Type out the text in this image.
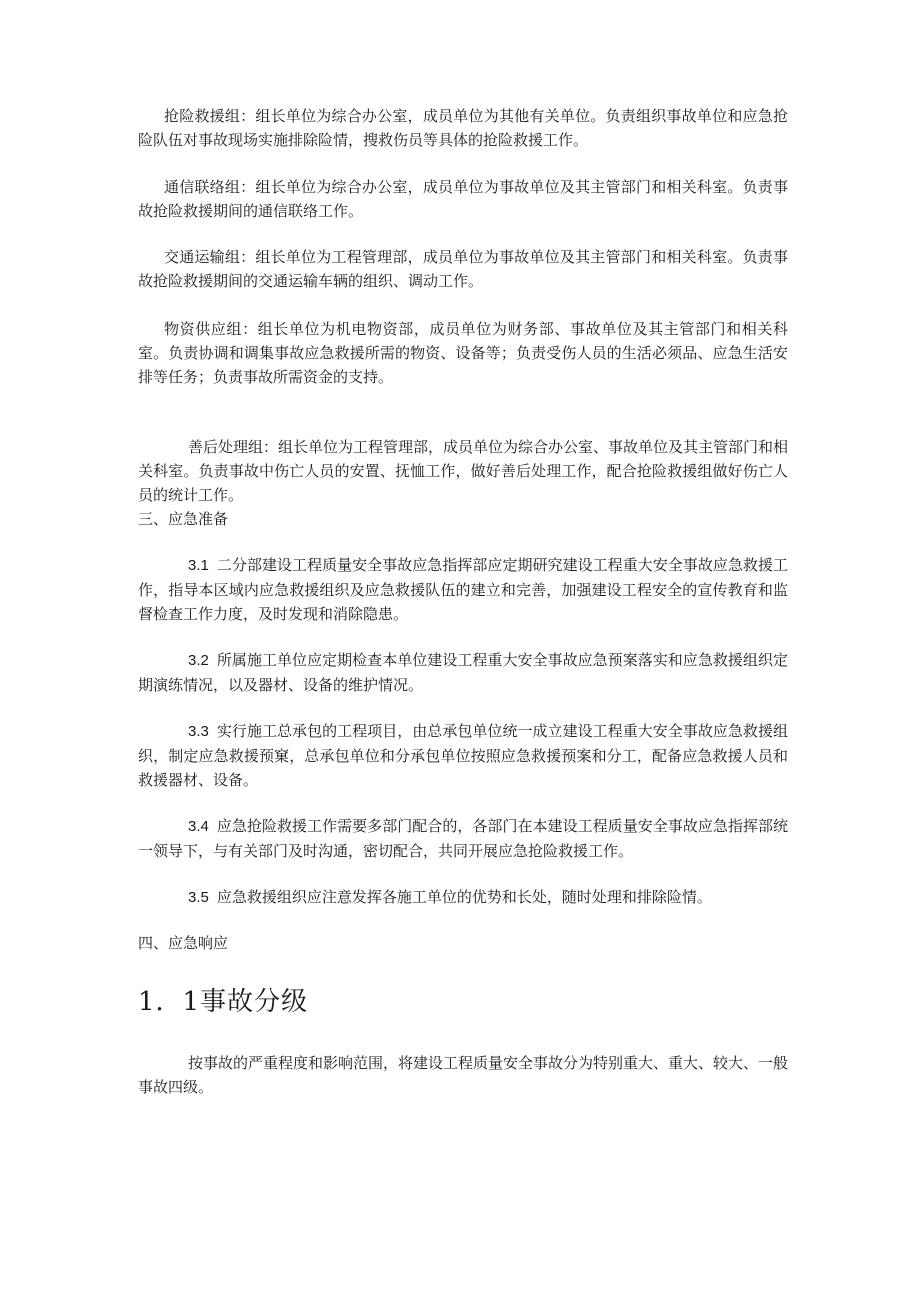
抢险救援组：组长单位为综合办公室，成员单位为其他有关单位。负责组织事故单位和应急抢险队伍对事故现场实施排除险情，搜救伤员等具体的抢险救援工作。

通信联络组：组长单位为综合办公室，成员单位为事故单位及其主管部门和相关科室。负责事故抢险救援期间的通信联络工作。

交通运输组：组长单位为工程管理部，成员单位为事故单位及其主管部门和相关科室。负责事故抢险救援期间的交通运输车辆的组织、调动工作。

物资供应组：组长单位为机电物资部，成员单位为财务部、事故单位及其主管部门和相关科室。负责协调和调集事故应急救援所需的物资、设备等；负责受伤人员的生活必须品、应急生活安排等任务；负责事故所需资金的支持。

善后处理组：组长单位为工程管理部，成员单位为综合办公室、事故单位及其主管部门和相关科室。负责事故中伤亡人员的安置、抚恤工作，做好善后处理工作，配合抢险救援组做好伤亡人员的统计工作。

三、应急准备

3.1 二分部建设工程质量安全事故应急指挥部应定期研究建设工程重大安全事故应急救援工作，指导本区域内应急救援组织及应急救援队伍的建立和完善，加强建设工程安全的宣传教育和监督检查工作力度，及时发现和消除隐患。

3.2 所属施工单位应定期检查本单位建设工程重大安全事故应急预案落实和应急救援组织定期演练情况，以及器材、设备的维护情况。

3.3 实行施工总承包的工程项目，由总承包单位统一成立建设工程重大安全事故应急救援组织，制定应急救援预窠，总承包单位和分承包单位按照应急救援预案和分工，配备应急救援人员和救援器材、设备。

3.4 应急抢险救援工作需要多部门配合的，各部门在本建设工程质量安全事故应急指挥部统一领导下，与有关部门及时沟通，密切配合，共同开展应急抢险救援工作。

3.5 应急救援组织应注意发挥各施工单位的优势和长处，随时处理和排除险情。

四、应急响应
1．1事故分级

按事故的严重程度和影响范围，将建设工程质量安全事故分为特别重大、重大、较大、一般事故四级。
